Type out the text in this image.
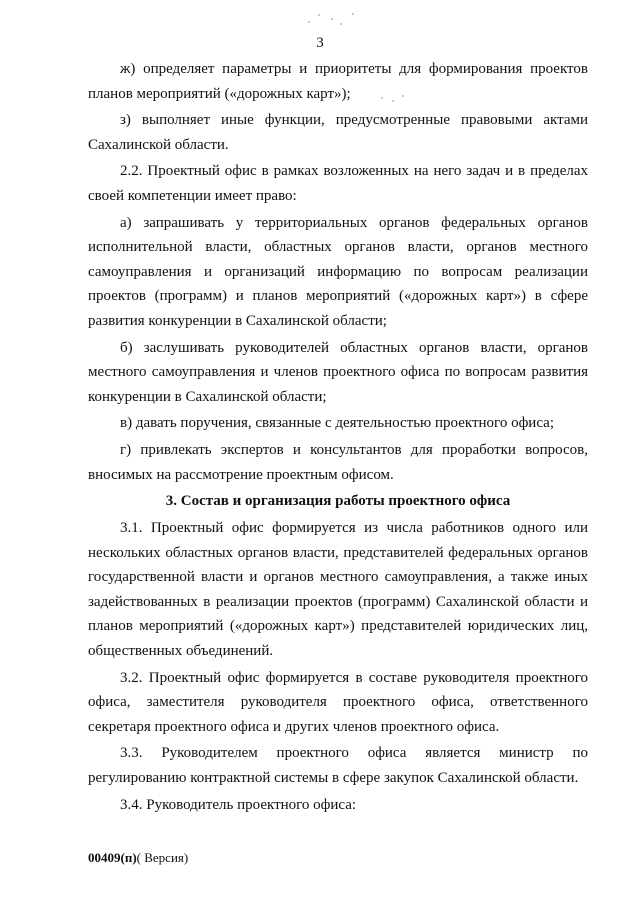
3

ж) определяет параметры и приоритеты для формирования проектов планов мероприятий («дорожных карт»);

з) выполняет иные функции, предусмотренные правовыми актами Сахалинской области.

2.2. Проектный офис в рамках возложенных на него задач и в пределах своей компетенции имеет право:

а) запрашивать у территориальных органов федеральных органов исполнительной власти, областных органов власти, органов местного самоуправления и организаций информацию по вопросам реализации проектов (программ) и планов мероприятий («дорожных карт») в сфере развития конкуренции в Сахалинской области;

б) заслушивать руководителей областных органов власти, органов местного самоуправления и членов проектного офиса по вопросам развития конкуренции в Сахалинской области;

в) давать поручения, связанные с деятельностью проектного офиса;

г) привлекать экспертов и консультантов для проработки вопросов, вносимых на рассмотрение проектным офисом.

3. Состав и организация работы проектного офиса

3.1. Проектный офис формируется из числа работников одного или нескольких областных органов власти, представителей федеральных органов государственной власти и органов местного самоуправления, а также иных задействованных в реализации проектов (программ) Сахалинской области и планов мероприятий («дорожных карт») представителей юридических лиц, общественных объединений.

3.2. Проектный офис формируется в составе руководителя проектного офиса, заместителя руководителя проектного офиса, ответственного секретаря проектного офиса и других членов проектного офиса.

3.3. Руководителем проектного офиса является министр по регулированию контрактной системы в сфере закупок Сахалинской области.

3.4. Руководитель проектного офиса:

00409(п)( Версия)
